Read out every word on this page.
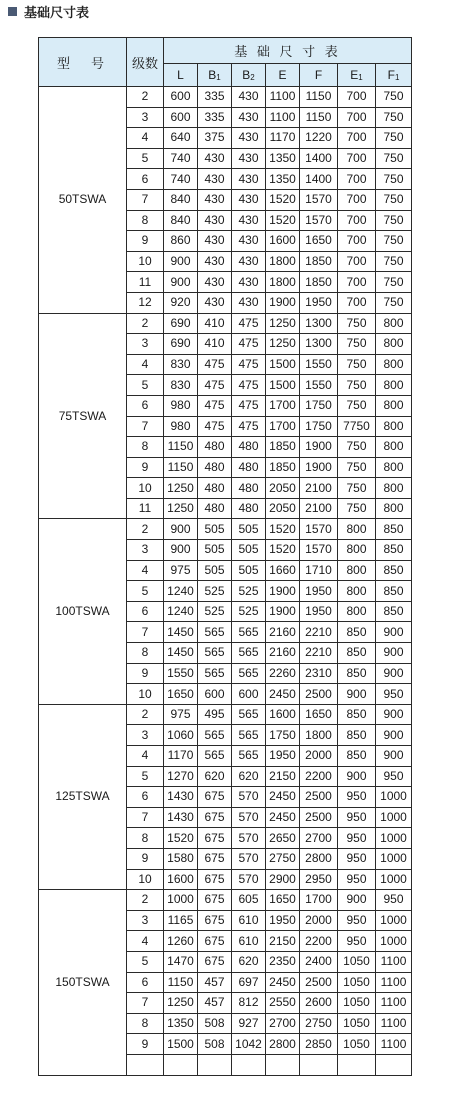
基础尺寸表
型　号	级数	基 础 尺 寸 表						
		L	$B_1$	$B_2$	E	F	$E_1$	$F_1$
50TSWA	2	600	335	430	1100	1150	700	750
	3	600	335	430	1100	1150	700	750
	4	640	375	430	1170	1220	700	750
	5	740	430	430	1350	1400	700	750
	6	740	430	430	1350	1400	700	750
	7	840	430	430	1520	1570	700	750
	8	840	430	430	1520	1570	700	750
	9	860	430	430	1600	1650	700	750
	10	900	430	430	1800	1850	700	750
	11	900	430	430	1800	1850	700	750
	12	920	430	430	1900	1950	700	750
75TSWA	2	690	410	475	1250	1300	750	800
	3	690	410	475	1250	1300	750	800
	4	830	475	475	1500	1550	750	800
	5	830	475	475	1500	1550	750	800
	6	980	475	475	1700	1750	750	800
	7	980	475	475	1700	1750	7750	800
	8	1150	480	480	1850	1900	750	800
	9	1150	480	480	1850	1900	750	800
	10	1250	480	480	2050	2100	750	800
	11	1250	480	480	2050	2100	750	800
100TSWA	2	900	505	505	1520	1570	800	850
	3	900	505	505	1520	1570	800	850
	4	975	505	505	1660	1710	800	850
	5	1240	525	525	1900	1950	800	850
	6	1240	525	525	1900	1950	800	850
	7	1450	565	565	2160	2210	850	900
	8	1450	565	565	2160	2210	850	900
	9	1550	565	565	2260	2310	850	900
	10	1650	600	600	2450	2500	900	950
125TSWA	2	975	495	565	1600	1650	850	900
	3	1060	565	565	1750	1800	850	900
	4	1170	565	565	1950	2000	850	900
	5	1270	620	620	2150	2200	900	950
	6	1430	675	570	2450	2500	950	1000
	7	1430	675	570	2450	2500	950	1000
	8	1520	675	570	2650	2700	950	1000
	9	1580	675	570	2750	2800	950	1000
	10	1600	675	570	2900	2950	950	1000
150TSWA	2	1000	675	605	1650	1700	900	950
	3	1165	675	610	1950	2000	950	1000
	4	1260	675	610	2150	2200	950	1000
	5	1470	675	620	2350	2400	1050	1100
	6	1150	457	697	2450	2500	1050	1100
	7	1250	457	812	2550	2600	1050	1100
	8	1350	508	927	2700	2750	1050	1100
	9	1500	508	1042	2800	2850	1050	1100
